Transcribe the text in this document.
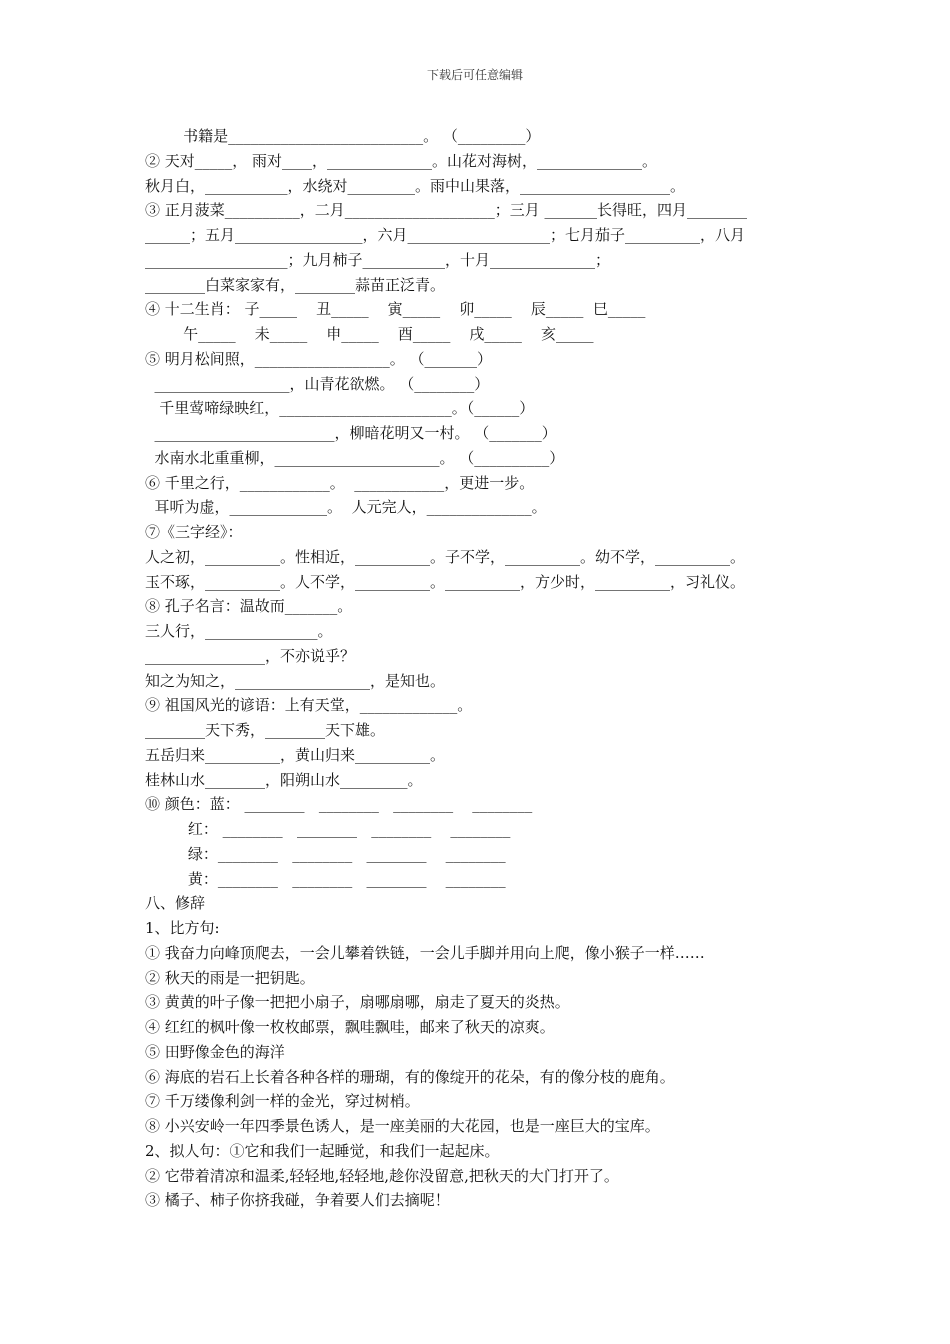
下载后可任意编辑
书籍是__________________________。 （_________）
② 天对_____， 雨对____，______________。山花对海树，______________。
秋月白，___________，水绕对_________。雨中山果落，____________________。
③ 正月菠菜__________，二月____________________；三月 _______长得旺，四月________
______；五月_________________，六月___________________；七月茄子__________，八月
___________________；九月柿子___________，十月______________；
________白菜家家有，________蒜苗正泛青。
④ 十二生肖： 子_____    丑_____    寅_____    卯_____    辰_____  巳_____
午_____    未_____    申_____    酉_____    戌_____    亥_____
⑤ 明月松间照，__________________。 （_______）
__________________，山青花欲燃。 （________）
千里莺啼绿映红，_______________________。（______）
________________________，柳暗花明又一村。 （_______）
水南水北重重柳，______________________。 （__________）
⑥ 千里之行，____________。  ____________，更进一步。
耳听为虚，_____________。  人元完人，______________。
⑦《三字经》：
人之初，__________。性相近，__________。子不学，__________。幼不学，__________。
玉不琢，__________。人不学，__________。__________，方少时，__________，习礼仪。
⑧ 孔子名言：温故而_______。
三人行，_______________。
________________，不亦说乎？
知之为知之，__________________，是知也。
⑨ 祖国风光的谚语：上有天堂，_____________。
________天下秀，________天下雄。
五岳归来__________，黄山归来__________。
桂林山水________，阳朔山水_________。
⑩ 颜色：蓝： ________   ________   ________    ________
红： ________   ________   ________    ________
绿：________   ________   ________    ________
黄：________   ________   ________    ________
八、修辞
1、比方句:
① 我奋力向峰顶爬去，一会儿攀着铁链，一会儿手脚并用向上爬，像小猴子一样……
② 秋天的雨是一把钥匙。
③ 黄黄的叶子像一把把小扇子，扇哪扇哪，扇走了夏天的炎热。
④ 红红的枫叶像一枚枚邮票，飘哇飘哇，邮来了秋天的凉爽。
⑤ 田野像金色的海洋
⑥ 海底的岩石上长着各种各样的珊瑚，有的像绽开的花朵，有的像分枝的鹿角。
⑦ 千万缕像利剑一样的金光，穿过树梢。
⑧ 小兴安岭一年四季景色诱人，是一座美丽的大花园，也是一座巨大的宝库。
2、拟人句：①它和我们一起睡觉，和我们一起起床。
② 它带着清凉和温柔,轻轻地,轻轻地,趁你没留意,把秋天的大门打开了。
③ 橘子、柿子你挤我碰，争着要人们去摘呢！
